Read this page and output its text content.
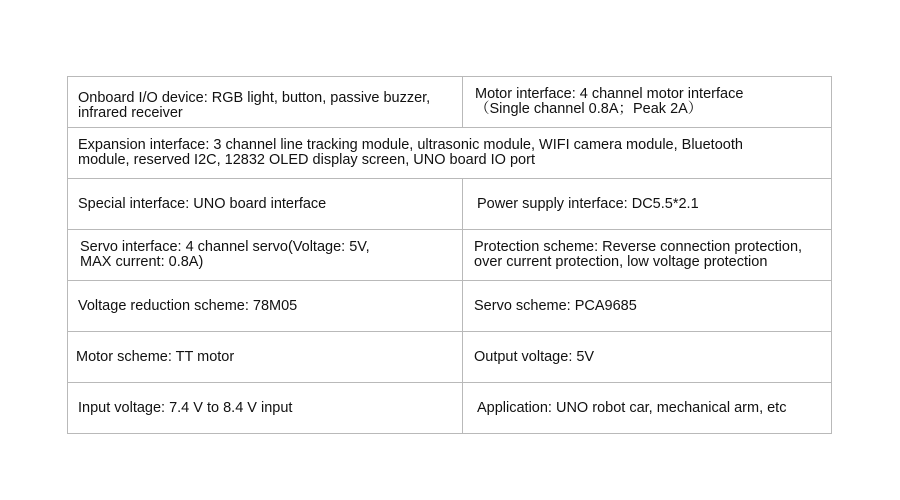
Onboard I/O device: RGB light, button, passive buzzer,
infrared receiver	Motor interface: 4 channel motor interface
（Single channel 0.8A；Peak 2A）

Expansion interface: 3 channel line tracking module, ultrasonic module, WIFI camera module, Bluetooth
module, reserved I2C, 12832 OLED display screen, UNO board IO port	

Special interface: UNO board interface	Power supply interface: DC5.5*2.1

Servo interface: 4 channel servo(Voltage: 5V,
MAX current: 0.8A)	Protection scheme: Reverse connection protection,
over current protection, low voltage protection

Voltage reduction scheme: 78M05	Servo scheme: PCA9685

Motor scheme: TT motor	Output voltage: 5V

Input voltage: 7.4 V to 8.4 V input	Application: UNO robot car, mechanical arm, etc
